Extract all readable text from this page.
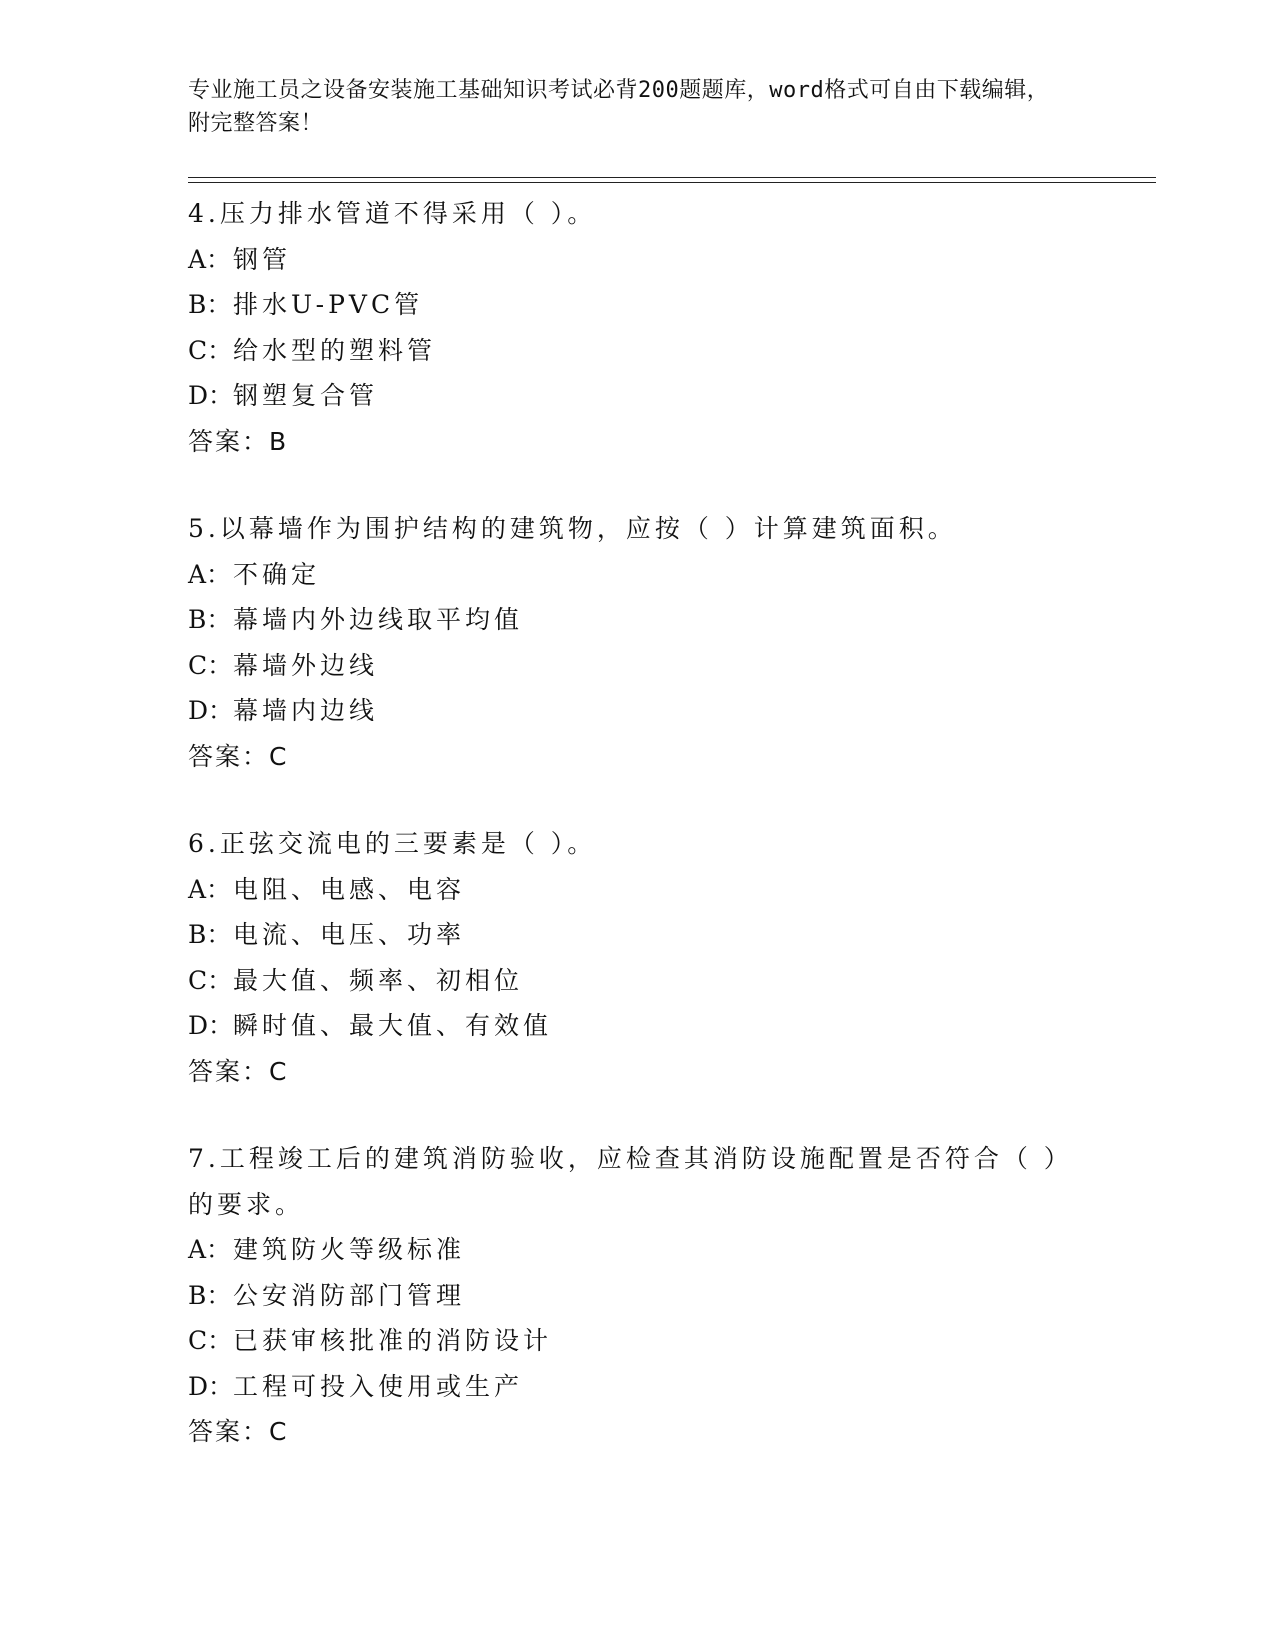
专业施工员之设备安装施工基础知识考试必背200题题库，word格式可自由下载编辑，附完整答案！

4.压力排水管道不得采用（ ）。

A：钢管

B：排水U-PVC管

C：给水型的塑料管

D：钢塑复合管

答案：B

5.以幕墙作为围护结构的建筑物，应按（ ）计算建筑面积。

A：不确定

B：幕墙内外边线取平均值

C：幕墙外边线

D：幕墙内边线

答案：C

6.正弦交流电的三要素是（ ）。

A：电阻、电感、电容

B：电流、电压、功率

C：最大值、频率、初相位

D：瞬时值、最大值、有效值

答案：C

7.工程竣工后的建筑消防验收，应检查其消防设施配置是否符合（ ）的要求。

A：建筑防火等级标准

B：公安消防部门管理

C：已获审核批准的消防设计

D：工程可投入使用或生产

答案：C
